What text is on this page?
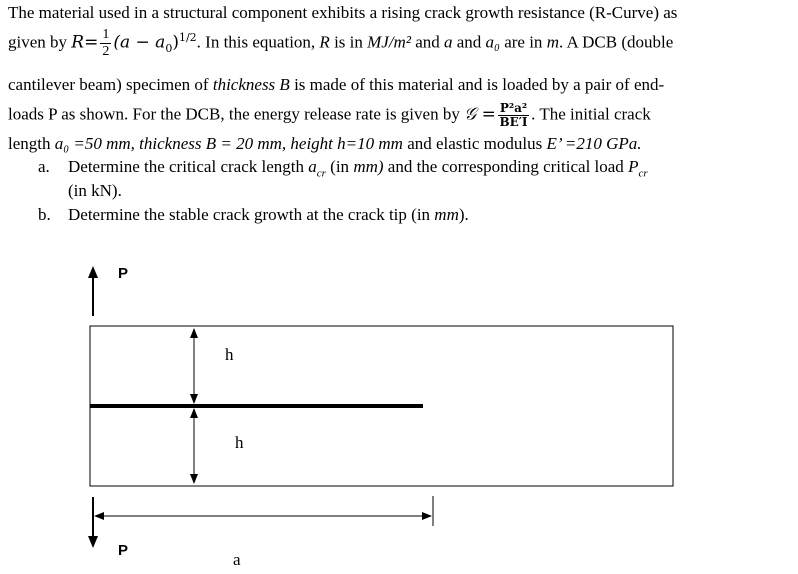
The material used in a structural component exhibits a rising crack growth resistance (R-Curve) as
given by $R= \frac{1}{2} (a - a_0)^{1/2}$. In this equation, R is in MJ/m² and a and a₀ are in m. A DCB (double
cantilever beam) specimen of thickness B is made of this material and is loaded by a pair of end-
loads P as shown. For the DCB, the energy release rate is given by 𝒢 = $\frac{\text{P²a²}}{BE'I}$ . The initial crack
length a₀ =50 mm, thickness B = 20 mm, height h=10 mm and elastic modulus E’ =210 GPa.
a. Determine the critical crack length $a_{cr}$ (in mm) and the corresponding critical load $P_{cr}$
(in kN).
b. Determine the stable crack growth at the crack tip (in mm).
P
h
h
P	a
